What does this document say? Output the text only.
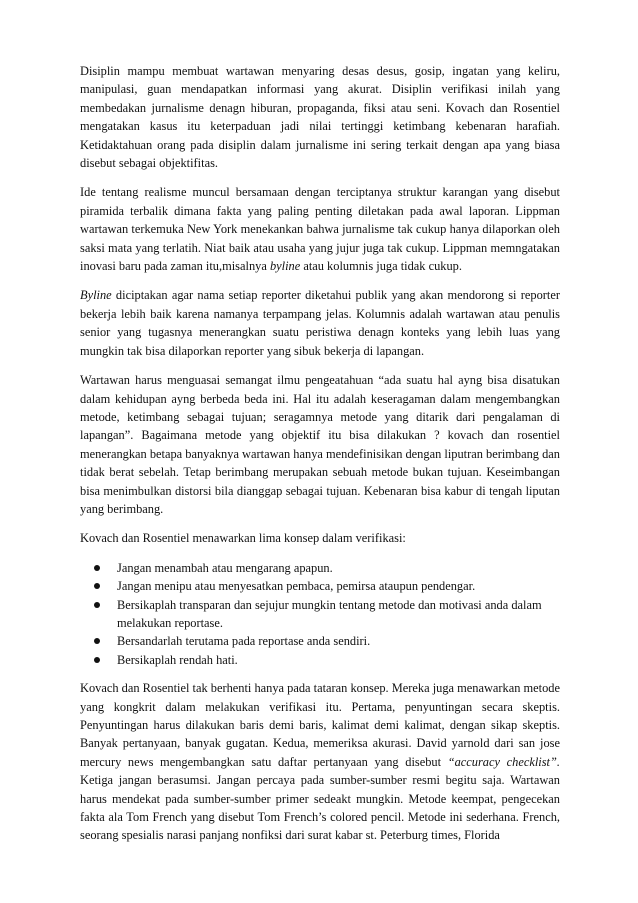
Disiplin mampu membuat wartawan menyaring desas desus, gosip, ingatan yang keliru, manipulasi, guan mendapatkan informasi yang akurat. Disiplin verifikasi inilah yang membedakan jurnalisme denagn hiburan, propaganda, fiksi atau seni. Kovach dan Rosentiel mengatakan kasus itu keterpaduan jadi nilai tertinggi ketimbang kebenaran harafiah. Ketidaktahuan orang pada disiplin dalam jurnalisme ini sering terkait dengan apa yang biasa disebut sebagai objektifitas.

Ide tentang realisme muncul bersamaan dengan terciptanya struktur karangan yang disebut piramida terbalik dimana fakta yang paling penting diletakan pada awal laporan. Lippman wartawan terkemuka New York menekankan bahwa jurnalisme tak cukup hanya dilaporkan oleh saksi mata yang terlatih. Niat baik atau usaha yang jujur juga tak cukup. Lippman memngatakan inovasi baru pada zaman itu,misalnya byline atau kolumnis juga tidak cukup.

Byline diciptakan agar nama setiap reporter diketahui publik yang akan mendorong si reporter bekerja lebih baik karena namanya terpampang jelas. Kolumnis adalah wartawan atau penulis senior yang tugasnya menerangkan suatu peristiwa denagn konteks yang lebih luas yang mungkin tak bisa dilaporkan reporter yang sibuk bekerja di lapangan.

Wartawan harus menguasai semangat ilmu pengeatahuan “ada suatu hal ayng bisa disatukan dalam kehidupan ayng berbeda beda ini. Hal itu adalah keseragaman dalam mengembangkan metode, ketimbang sebagai tujuan; seragamnya metode yang ditarik dari pengalaman di lapangan”. Bagaimana metode yang objektif itu bisa dilakukan ? kovach dan rosentiel menerangkan betapa banyaknya wartawan hanya mendefinisikan dengan liputran berimbang dan tidak berat sebelah. Tetap berimbang merupakan sebuah metode bukan tujuan. Keseimbangan bisa menimbulkan distorsi bila dianggap sebagai tujuan. Kebenaran bisa kabur di tengah liputan yang berimbang.

Kovach dan Rosentiel menawarkan lima konsep dalam verifikasi:

Jangan menambah atau mengarang apapun.
Jangan menipu atau menyesatkan pembaca, pemirsa ataupun pendengar.
Bersikaplah transparan dan sejujur mungkin tentang metode dan motivasi anda dalam melakukan reportase.
Bersandarlah terutama pada reportase anda sendiri.
Bersikaplah rendah hati.

Kovach dan Rosentiel tak berhenti hanya pada tataran konsep. Mereka juga menawarkan metode yang kongkrit dalam melakukan verifikasi itu. Pertama, penyuntingan secara skeptis. Penyuntingan harus dilakukan baris demi baris, kalimat demi kalimat, dengan sikap skeptis. Banyak pertanyaan, banyak gugatan. Kedua, memeriksa akurasi. David yarnold dari san jose mercury news mengembangkan satu daftar pertanyaan yang disebut “accuracy checklist”. Ketiga jangan berasumsi. Jangan percaya pada sumber-sumber resmi begitu saja. Wartawan harus mendekat pada sumber-sumber primer sedeakt mungkin. Metode keempat, pengecekan fakta ala Tom French yang disebut Tom French’s colored pencil. Metode ini sederhana. French, seorang spesialis narasi panjang nonfiksi dari surat kabar st. Peterburg times, Florida
